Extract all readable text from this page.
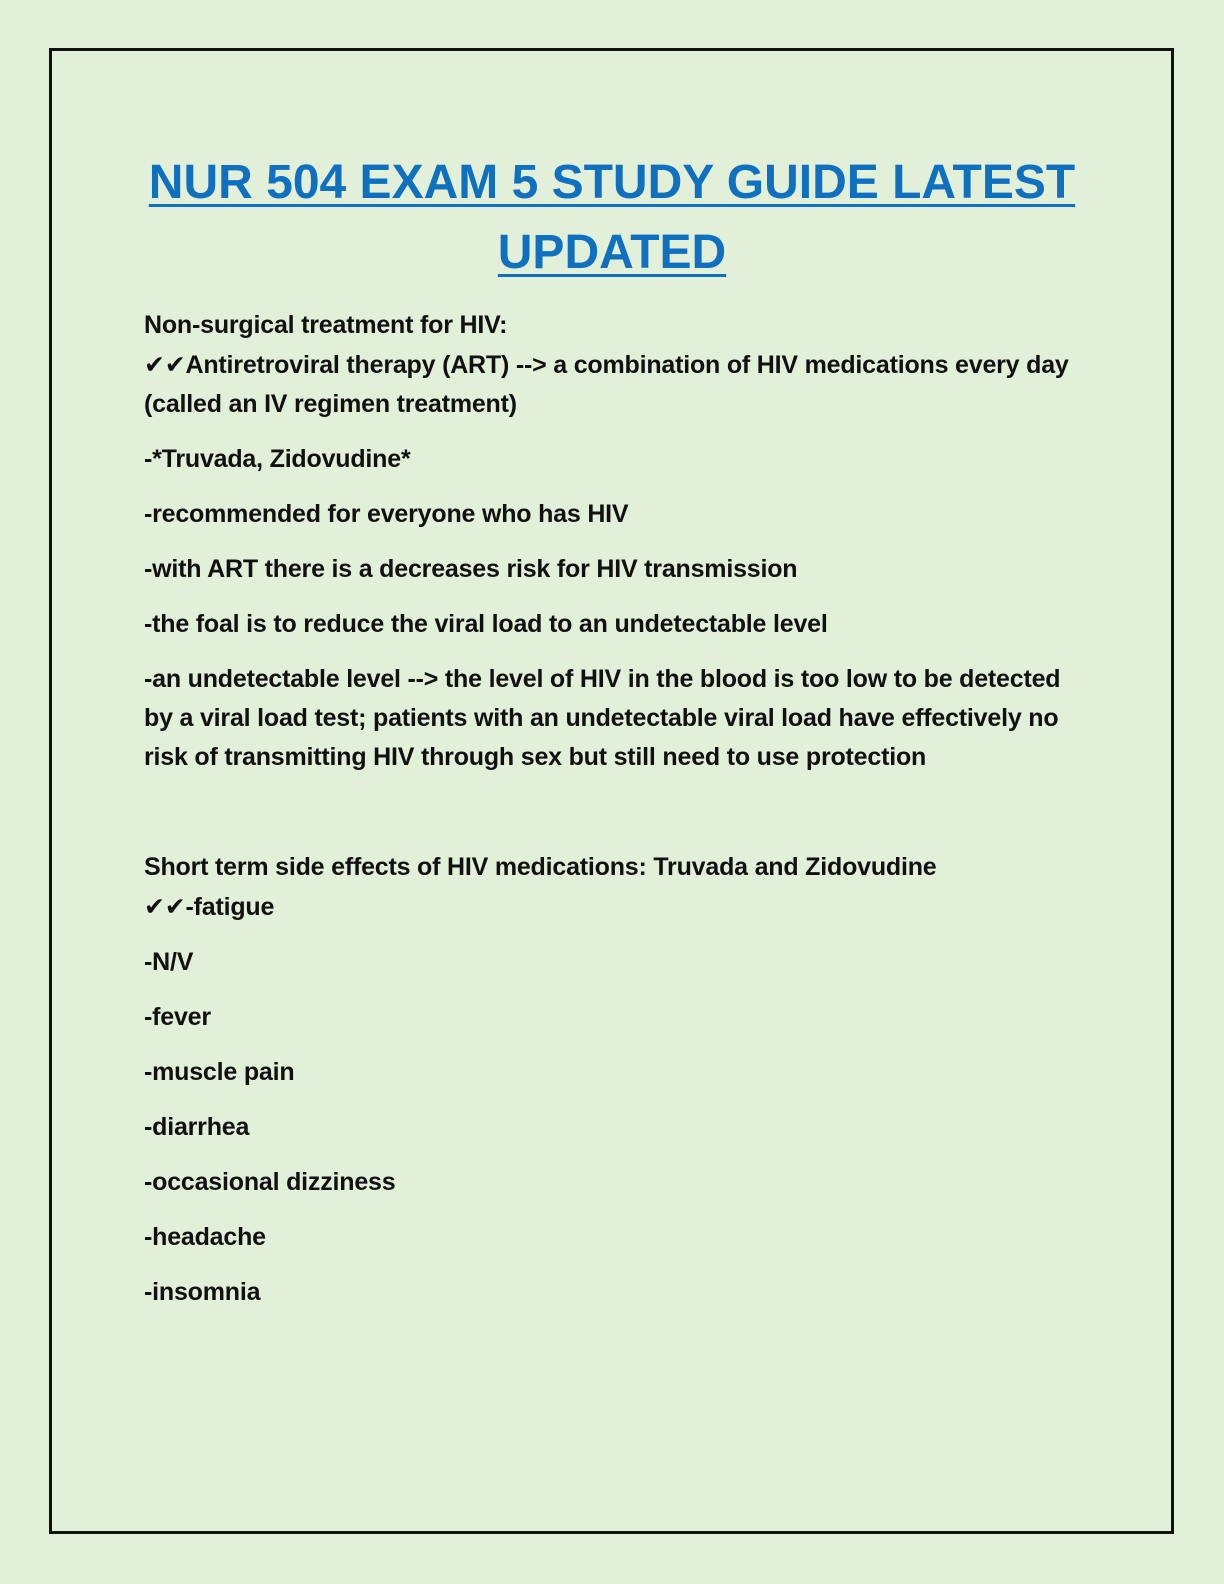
NUR 504 EXAM 5 STUDY GUIDE LATEST UPDATED

Non-surgical treatment for HIV:

✔✔Antiretroviral therapy (ART) --> a combination of HIV medications every day (called an IV regimen treatment)

-*Truvada, Zidovudine*

-recommended for everyone who has HIV

-with ART there is a decreases risk for HIV transmission

-the foal is to reduce the viral load to an undetectable level

-an undetectable level --> the level of HIV in the blood is too low to be detected by a viral load test; patients with an undetectable viral load have effectively no risk of transmitting HIV through sex but still need to use protection

Short term side effects of HIV medications: Truvada and Zidovudine

✔✔-fatigue

-N/V

-fever

-muscle pain

-diarrhea

-occasional dizziness

-headache

-insomnia
